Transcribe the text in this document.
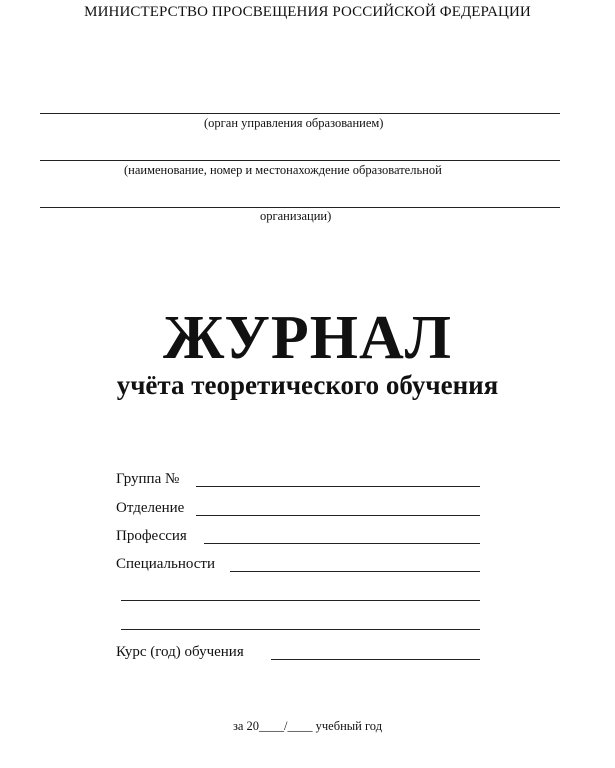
МИНИСТЕРСТВО ПРОСВЕЩЕНИЯ РОССИЙСКОЙ ФЕДЕРАЦИИ
(орган управления образованием)
(наименование, номер и местонахождение образовательной
организации)
ЖУРНАЛ
учёта теоретического обучения
Группа №
Отделение
Профессия
Специальности
Курс (год) обучения
за 20____/____ учебный год
